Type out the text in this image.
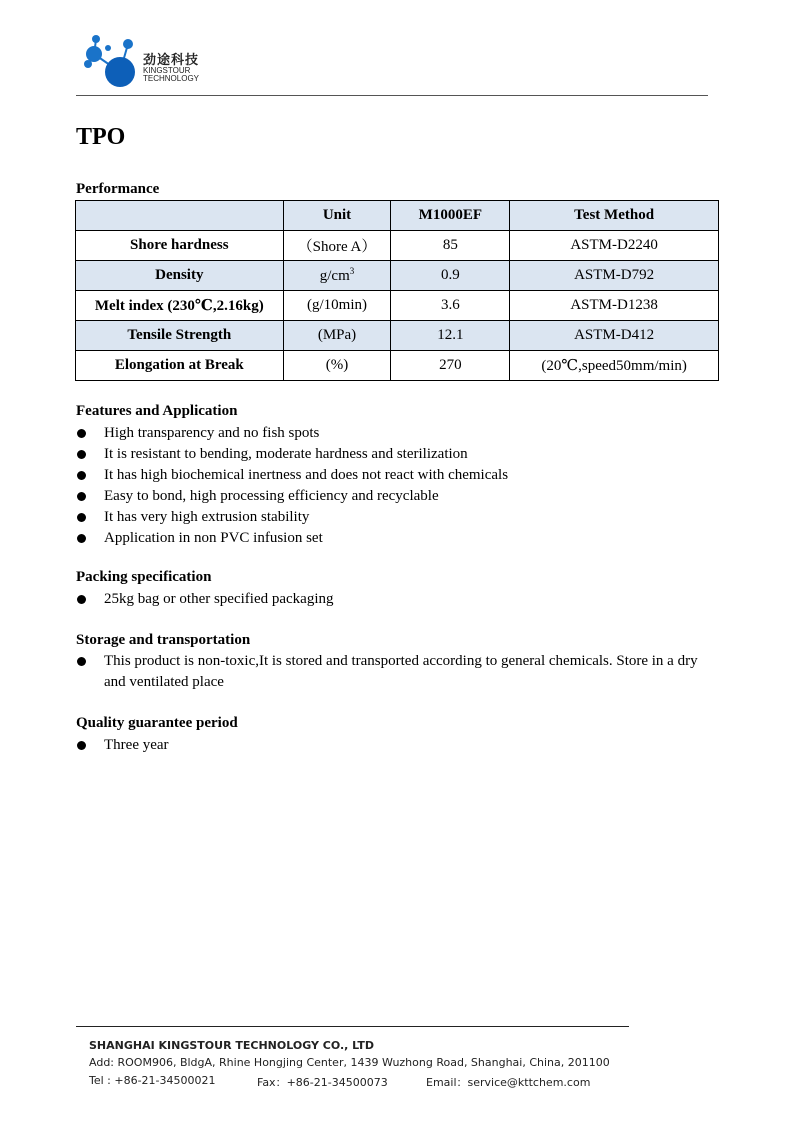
劲途科技
KINGSTOUR
TECHNOLOGY
TPO
Performance
	Unit	M1000EF	Test Method
Shore hardness	（Shore A）	85	ASTM-D2240
Density	$g/cm^3$	0.9	ASTM-D792
Melt index (230℃,2.16kg)	(g/10min)	3.6	ASTM-D1238
Tensile Strength	(MPa)	12.1	ASTM-D412
Elongation at Break	(%)	270	(20℃,speed50mm/min)
Features and Application
High transparency and no fish spots
It is resistant to bending, moderate hardness and sterilization
It has high biochemical inertness and does not react with chemicals
Easy to bond, high processing efficiency and recyclable
It has very high extrusion stability
Application in non PVC infusion set
Packing specification
25kg bag or other specified packaging
Storage and transportation
This product is non-toxic,It is stored and transported according to general chemicals. Store in a dry and ventilated place
Quality guarantee period
Three year
SHANGHAI KINGSTOUR TECHNOLOGY CO., LTD
Add: ROOM906, BldgA, Rhine Hongjing Center, 1439 Wuzhong Road, Shanghai, China, 201100
Tel : +86-21-34500021	Fax：+86-21-34500073	Email：service@kttchem.com
